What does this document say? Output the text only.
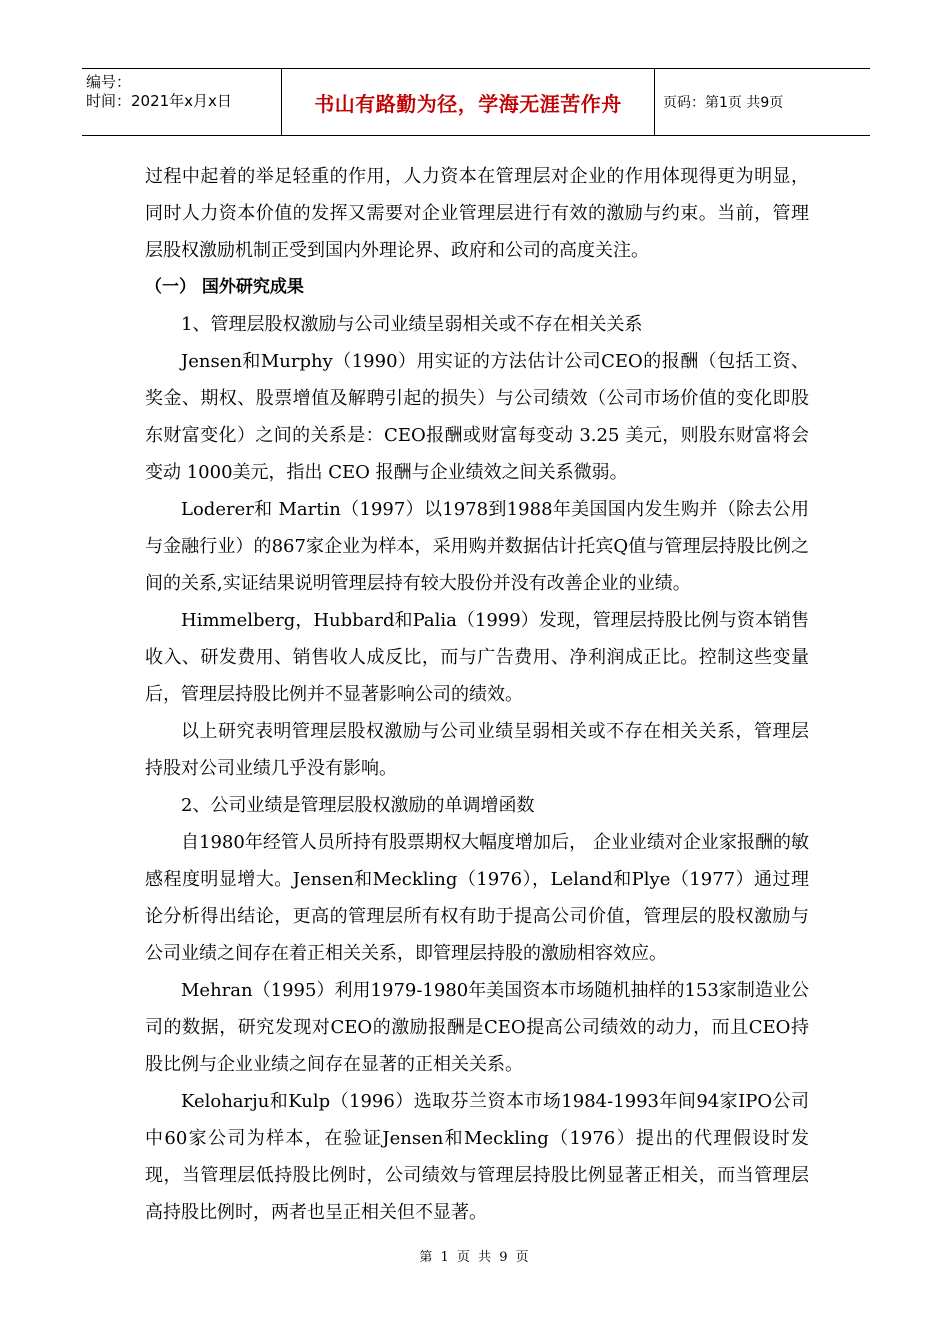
编号：
时间：2021年x月x日	书山有路勤为径，学海无涯苦作舟	页码：第1页 共9页

过程中起着的举足轻重的作用，人力资本在管理层对企业的作用体现得更为明显，同时人力资本价值的发挥又需要对企业管理层进行有效的激励与约束。当前，管理层股权激励机制正受到国内外理论界、政府和公司的高度关注。

（一） 国外研究成果

1、管理层股权激励与公司业绩呈弱相关或不存在相关关系

Jensen和Murphy（1990）用实证的方法估计公司CEO的报酬（包括工资、奖金、期权、股票增值及解聘引起的损失）与公司绩效（公司市场价值的变化即股东财富变化）之间的关系是：CEO报酬或财富每变动 3.25 美元，则股东财富将会变动 1000美元，指出 CEO 报酬与企业绩效之间关系微弱。

Loderer和 Martin（1997）以1978到1988年美国国内发生购并（除去公用与金融行业）的867家企业为样本，采用购并数据估计托宾Q值与管理层持股比例之间的关系,实证结果说明管理层持有较大股份并没有改善企业的业绩。

Himmelberg，Hubbard和Palia（1999）发现，管理层持股比例与资本销售收入、研发费用、销售收人成反比，而与广告费用、净利润成正比。控制这些变量后，管理层持股比例并不显著影响公司的绩效。

以上研究表明管理层股权激励与公司业绩呈弱相关或不存在相关关系，管理层持股对公司业绩几乎没有影响。

2、公司业绩是管理层股权激励的单调增函数

自1980年经管人员所持有股票期权大幅度增加后， 企业业绩对企业家报酬的敏感程度明显增大。Jensen和Meckling（1976），Leland和Plye（1977）通过理论分析得出结论，更高的管理层所有权有助于提高公司价值，管理层的股权激励与公司业绩之间存在着正相关关系，即管理层持股的激励相容效应。

Mehran（1995）利用1979-1980年美国资本市场随机抽样的153家制造业公司的数据，研究发现对CEO的激励报酬是CEO提高公司绩效的动力，而且CEO持股比例与企业业绩之间存在显著的正相关关系。

Keloharju和Kulp（1996）选取芬兰资本市场1984-1993年间94家IPO公司中60家公司为样本，在验证Jensen和Meckling（1976）提出的代理假设时发现，当管理层低持股比例时，公司绩效与管理层持股比例显著正相关，而当管理层高持股比例时，两者也呈正相关但不显著。

第 1 页 共 9 页
